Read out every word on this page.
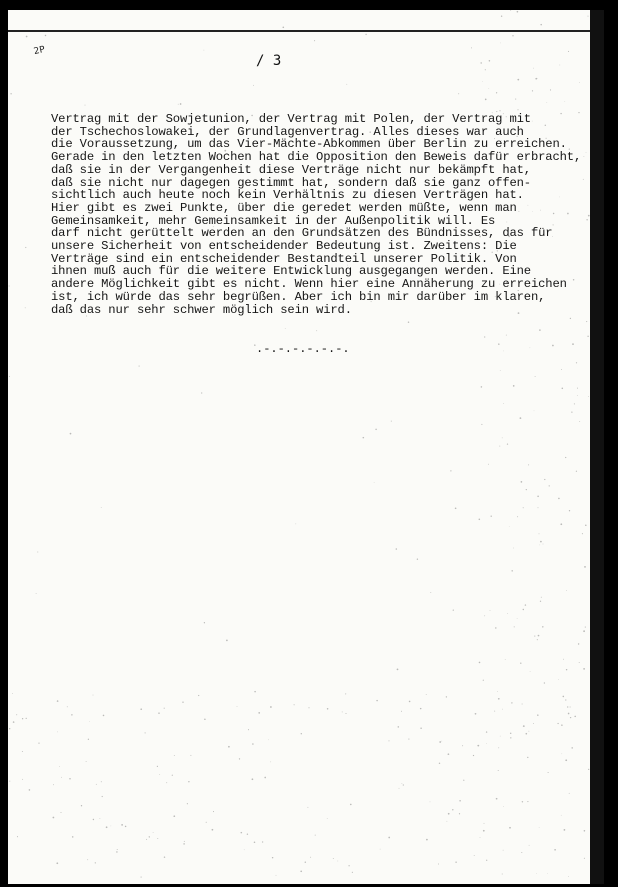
2P
/ 3
Vertrag mit der Sowjetunion, der Vertrag mit Polen, der Vertrag mit
der Tschechoslowakei, der Grundlagenvertrag. Alles dieses war auch
die Voraussetzung, um das Vier-Mächte-Abkommen über Berlin zu erreichen.
Gerade in den letzten Wochen hat die Opposition den Beweis dafür erbracht,
daß sie in der Vergangenheit diese Verträge nicht nur bekämpft hat,
daß sie nicht nur dagegen gestimmt hat, sondern daß sie ganz offen-
sichtlich auch heute noch kein Verhältnis zu diesen Verträgen hat.
Hier gibt es zwei Punkte, über die geredet werden müßte, wenn man
Gemeinsamkeit, mehr Gemeinsamkeit in der Außenpolitik will. Es
darf nicht gerüttelt werden an den Grundsätzen des Bündnisses, das für
unsere Sicherheit von entscheidender Bedeutung ist. Zweitens: Die
Verträge sind ein entscheidender Bestandteil unserer Politik. Von
ihnen muß auch für die weitere Entwicklung ausgegangen werden. Eine
andere Möglichkeit gibt es nicht. Wenn hier eine Annäherung zu erreichen
ist, ich würde das sehr begrüßen. Aber ich bin mir darüber im klaren,
daß das nur sehr schwer möglich sein wird.
.-.-.-.-.-.-.
